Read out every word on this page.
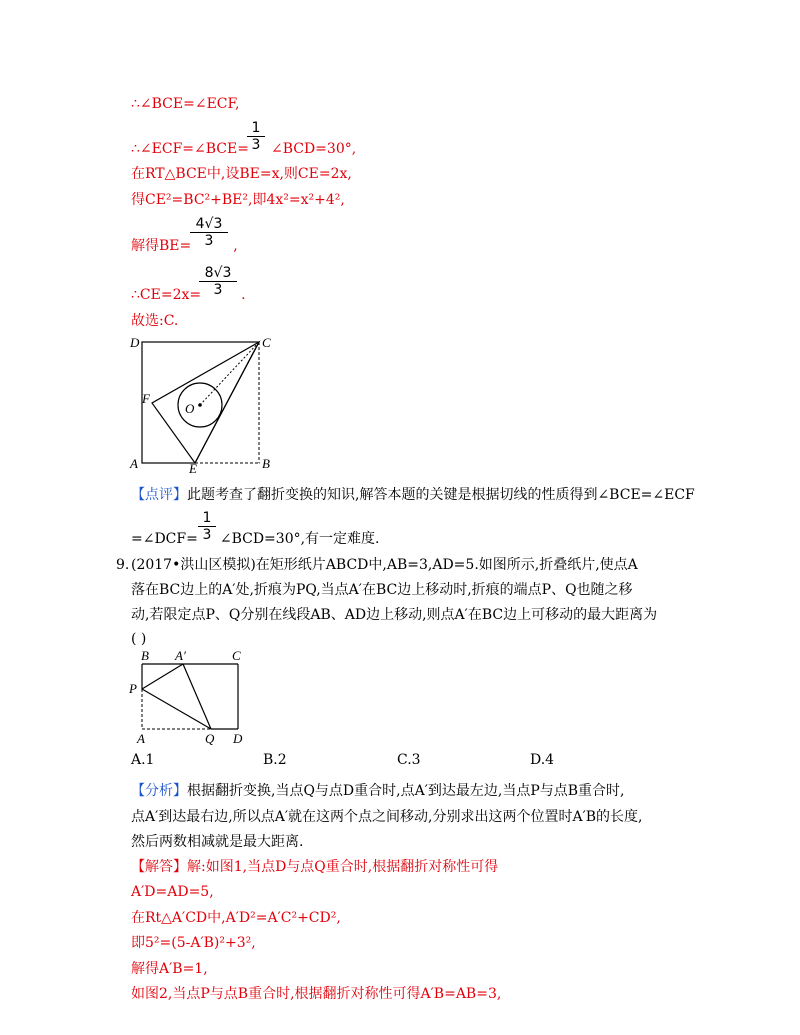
∴∠BCE=∠ECF,
∴∠ECF=∠BCE= ∠BCD=30°,
1
3
在RT△BCE中,设BE=x,则CE=2x,
得CE²=BC²+BE²,即4x²=x²+4²,
解得BE=	,
4√3
3
∴CE=2x=	.
8√3
3
故选:C.
D	C
F
O
A	E	B
【点评】此题考查了翻折变换的知识,解答本题的关键是根据切线的性质得到∠BCE=∠ECF
=∠DCF= ∠BCD=30°,有一定难度.
1
3
9. (2017•洪山区模拟)在矩形纸片ABCD中,AB=3,AD=5.如图所示,折叠纸片,使点A
落在BC边上的A′处,折痕为PQ,当点A′在BC边上移动时,折痕的端点P、Q也随之移
动,若限定点P、Q分别在线段AB、AD边上移动,则点A′在BC边上可移动的最大距离为
( )
B A′	C
P
A	Q D
A.1	B.2	C.3	D.4
【分析】根据翻折变换,当点Q与点D重合时,点A′到达最左边,当点P与点B重合时,
点A′到达最右边,所以点A′就在这两个点之间移动,分别求出这两个位置时A′B的长度,
然后两数相减就是最大距离.
【解答】解:如图1,当点D与点Q重合时,根据翻折对称性可得
A′D=AD=5,
在Rt△A′CD中,A′D²=A′C²+CD²,
即5²=(5-A′B)²+3²,
解得A′B=1,
如图2,当点P与点B重合时,根据翻折对称性可得A′B=AB=3,
